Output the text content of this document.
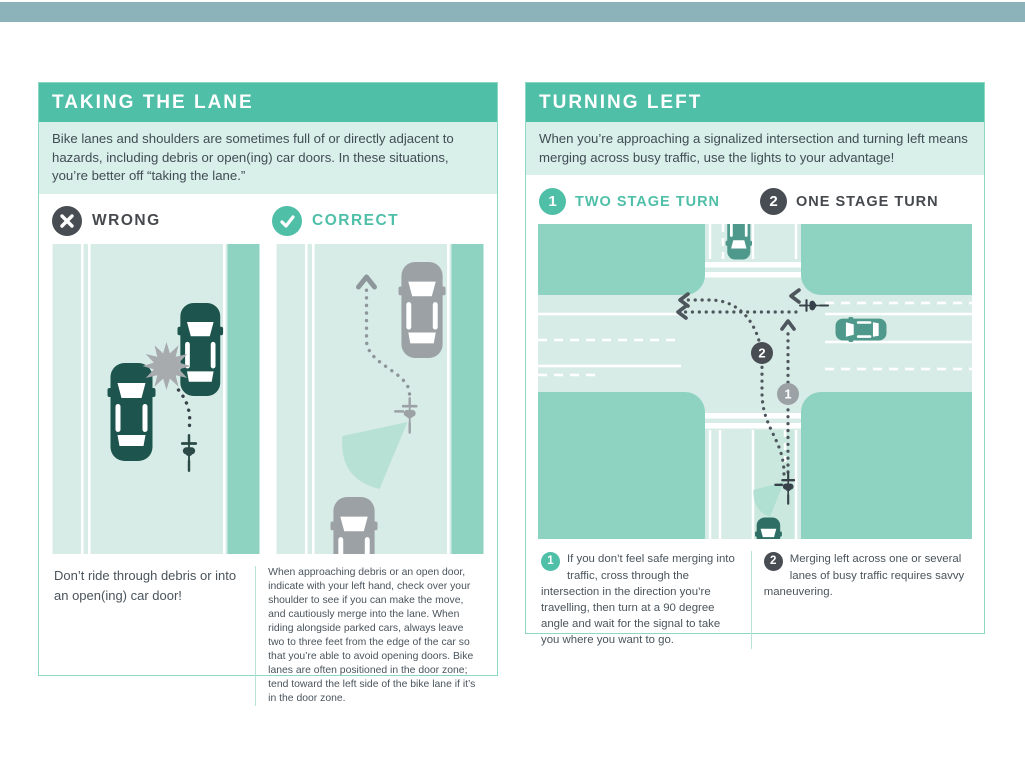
TAKING THE LANE
Bike lanes and shoulders are sometimes full of or directly adjacent to hazards, including debris or open(ing) car doors. In these situations, you’re better off “taking the lane.”
WRONG	CORRECT
Don’t ride through debris or into an open(ing) car door!
When approaching debris or an open door, indicate with your left hand, check over your shoulder to see if you can make the move, and cautiously merge into the lane. When riding alongside parked cars, always leave two to three feet from the edge of the car so that you’re able to avoid opening doors. Bike lanes are often positioned in the door zone; tend toward the left side of the bike lane if it’s in the door zone.
TURNING LEFT
When you’re approaching a signalized intersection and turning left means merging across busy traffic, use the lights to your advantage!
1	TWO STAGE TURN	2	ONE STAGE TURN
1
2
1	If you don’t feel safe merging into traffic, cross through the intersection in the direction you’re travelling, then turn at a 90 degree angle and wait for the signal to take you where you want to go.
2	Merging left across one or several lanes of busy traffic requires savvy maneuvering.
